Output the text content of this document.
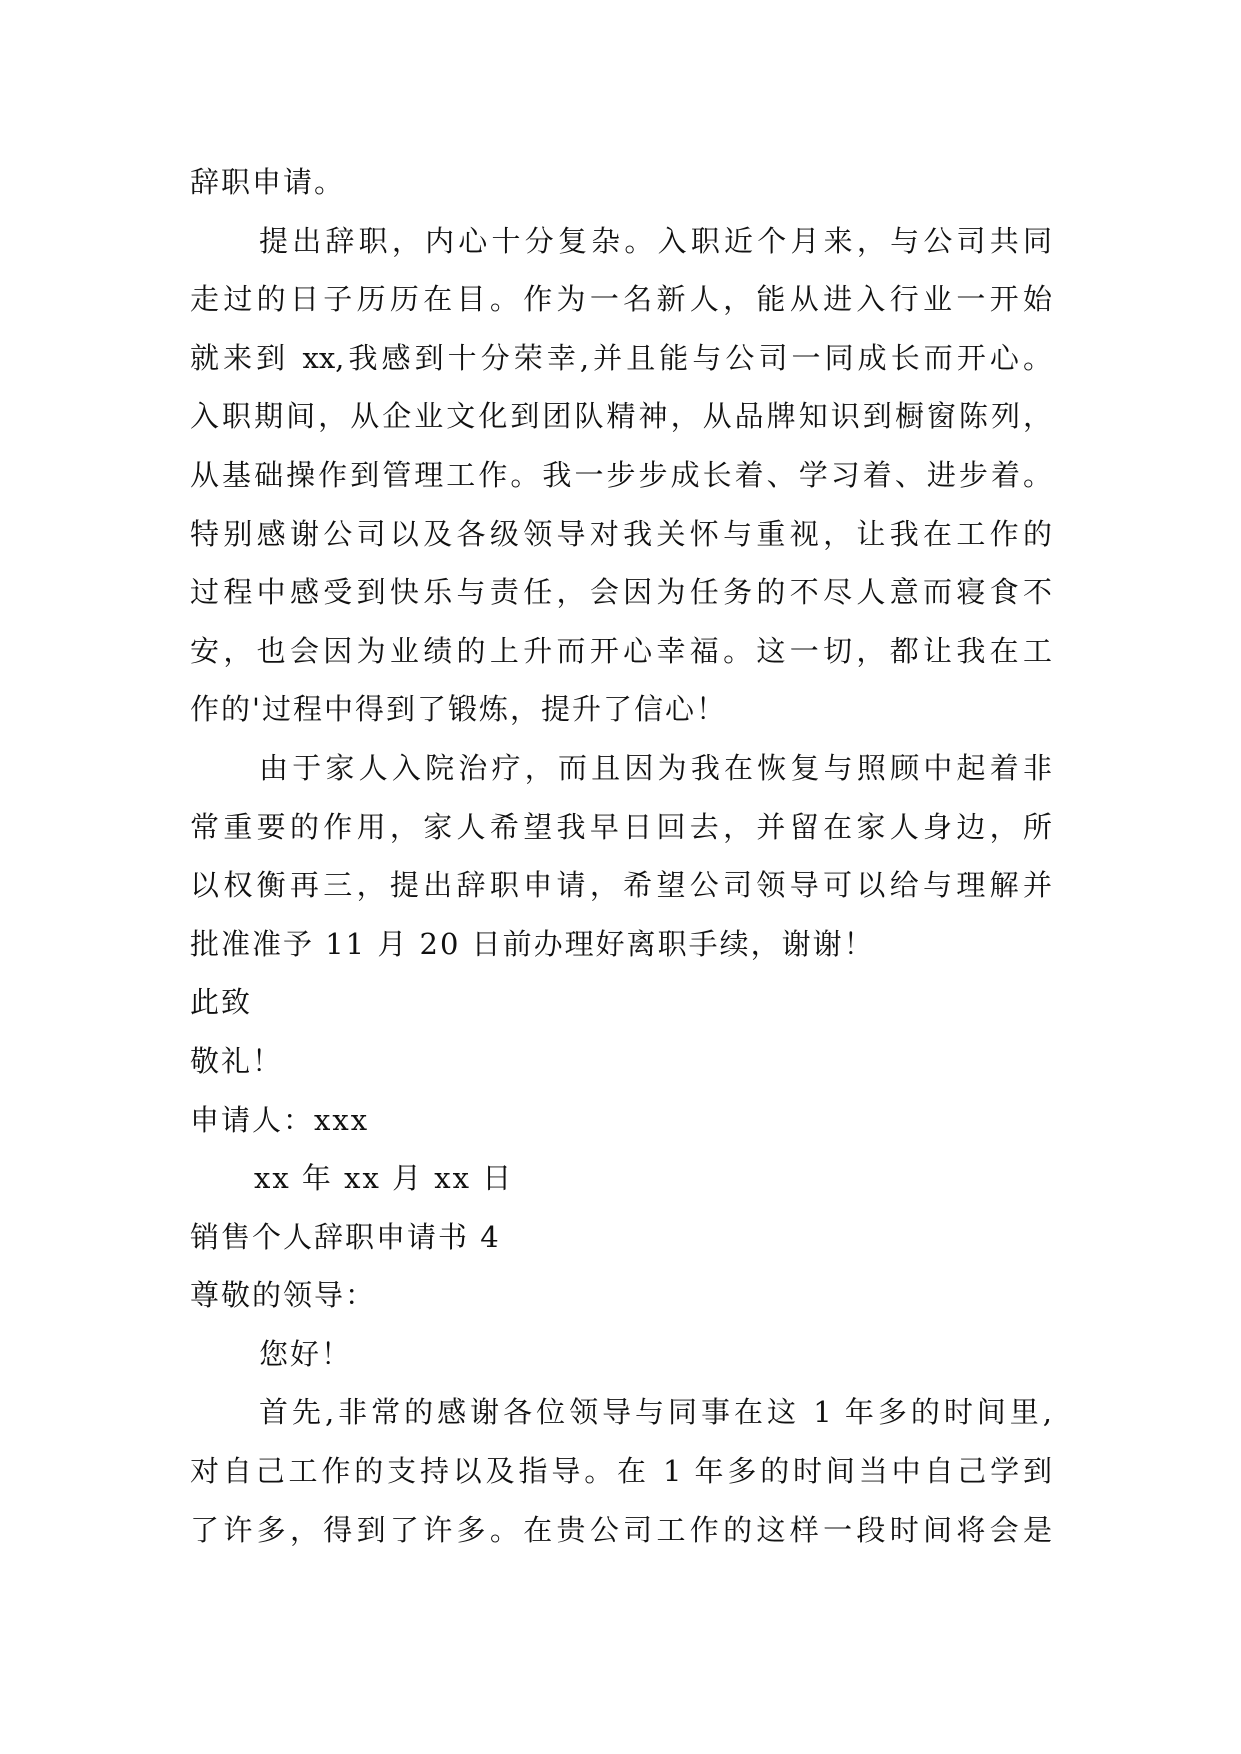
辞职申请。
提出辞职，内心十分复杂。入职近个月来，与公司共同
走过的日子历历在目。作为一名新人，能从进入行业一开始
就来到 xx,我感到十分荣幸,并且能与公司一同成长而开心。
入职期间，从企业文化到团队精神，从品牌知识到橱窗陈列，
从基础操作到管理工作。我一步步成长着、学习着、进步着。
特别感谢公司以及各级领导对我关怀与重视，让我在工作的
过程中感受到快乐与责任，会因为任务的不尽人意而寝食不
安，也会因为业绩的上升而开心幸福。这一切，都让我在工
作的'过程中得到了锻炼，提升了信心！
由于家人入院治疗，而且因为我在恢复与照顾中起着非
常重要的作用，家人希望我早日回去，并留在家人身边，所
以权衡再三，提出辞职申请，希望公司领导可以给与理解并
批准准予 11 月 20 日前办理好离职手续，谢谢！
此致
敬礼！
申请人：xxx
xx 年 xx 月 xx 日
销售个人辞职申请书 4
尊敬的领导：
您好！
首先,非常的感谢各位领导与同事在这 1 年多的时间里,
对自己工作的支持以及指导。在 1 年多的时间当中自己学到
了许多，得到了许多。在贵公司工作的这样一段时间将会是
